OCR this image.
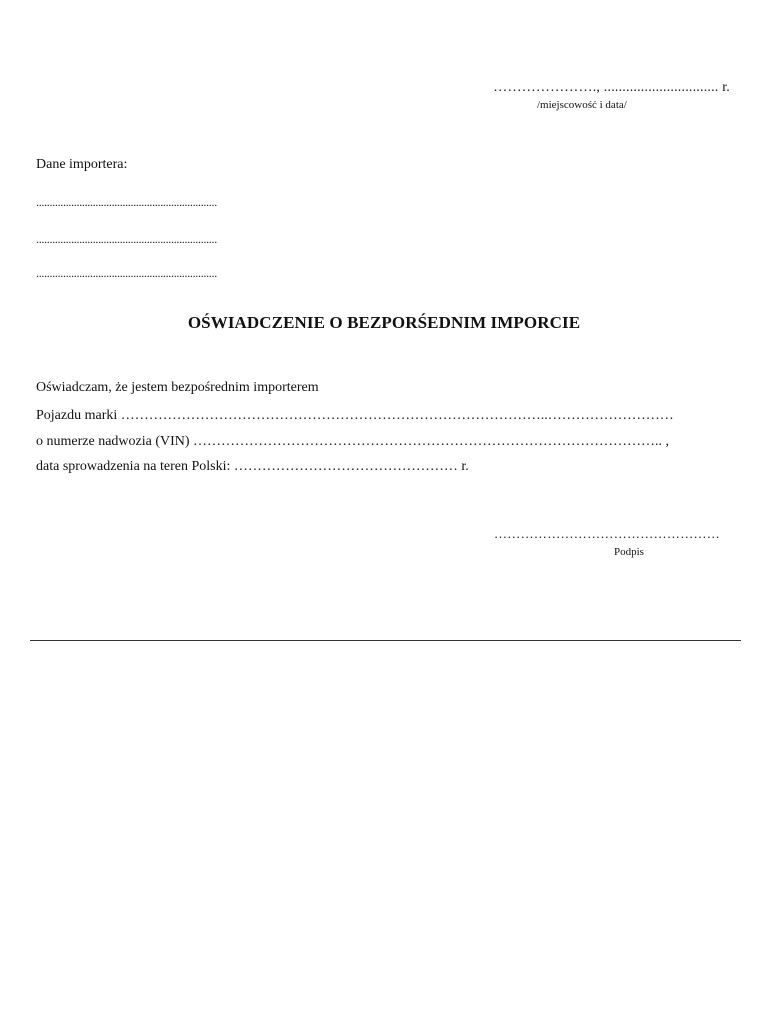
…………………., ............................... r.
/miejscowość i data/
Dane importera:
...................................................................
...................................................................
...................................................................
OŚWIADCZENIE O BEZPORŚEDNIM IMPORCIE
Oświadczam, że jestem bezpośrednim importerem
Pojazdu marki ………………………………………………………………………………..………………………
o numerze nadwozia (VIN) ……………………………………………………………………………………….. ,
data sprowadzenia na teren Polski: ………………………………………… r.
……………………………………………
Podpis
